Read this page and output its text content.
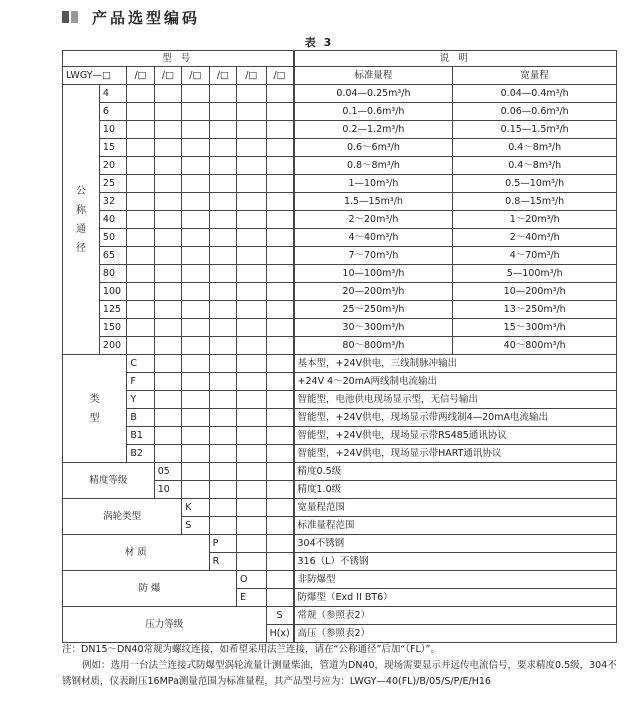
产品选型编码
表 3
型 号								说 明	
LWGY—□		/□	/□	/□	/□	/□	/□	标准量程	宽量程

公称通径	4							0.04—0.25m³/h	0.04—0.4m³/h
	6							0.1—0.6m³/h	0.06—0.6m³/h
	10							0.2—1.2m³/h	0.15—1.5m³/h
	15							0.6～6m³/h	0.4～8m³/h
	20							0.8～8m³/h	0.4～8m³/h
	25							1—10m³/h	0.5—10m³/h
	32							1.5—15m³/h	0.8—15m³/h
	40							2～20m³/h	1～20m³/h
	50							4～40m³/h	2～40m³/h
	65							7～70m³/h	4～70m³/h
	80							10—100m³/h	5—100m³/h
	100							20—200m³/h	10—200m³/h
	125							25～250m³/h	13～250m³/h
	150							30～300m³/h	15～300m³/h
	200							80～800m³/h	40～800m³/h

类型		C						基本型，+24V供电，三线制脉冲输出	
		F						+24V 4～20mA两线制电流输出	
		Y						智能型，电池供电现场显示型，无信号输出	
		B						智能型，+24V供电，现场显示带两线制4—20mA电流输出	
		B1						智能型，+24V供电，现场显示带RS485通讯协议	
		B2						智能型，+24V供电，现场显示带HART通讯协议	
精度等级			05					精度0.5级	
			10					精度1.0级	
涡轮类型				K				宽量程范围	
				S				标准量程范围	
材 质					P			304不锈钢	
					R			316（L）不锈钢	
防 爆						O		非防爆型	
						E		防爆型（Exd II BT6）	
压力等级							S	常规（参照表2）	
							H(x)	高压（参照表2）	

注：DN15～DN40常规为螺纹连接，如希望采用法兰连接，请在“公称通径”后加“（FL）”。

例如：选用一台法兰连接式防爆型涡轮流量计测量柴油，管道为DN40，现场需要显示并远传电流信号，要求精度0.5级，304不锈钢材质，仪表耐压16MPa测量范围为标准量程，其产品型号应为：LWGY—40(FL)/B/05/S/P/E/H16
